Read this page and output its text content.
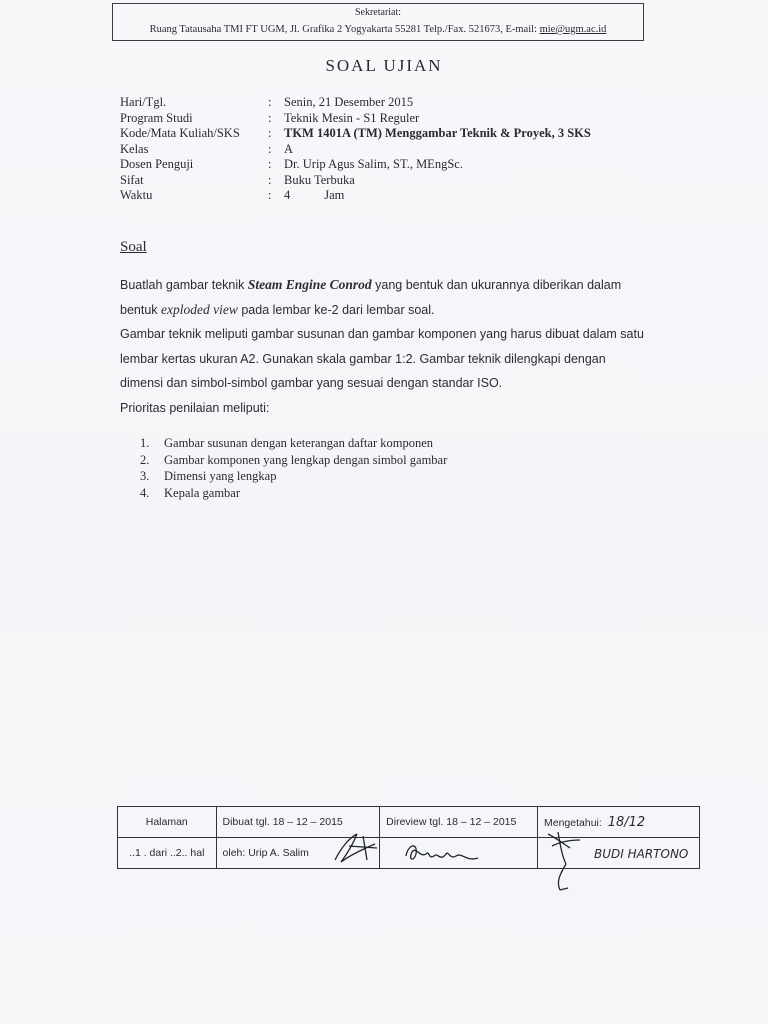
Sekretariat:
Ruang Tatausaha TMI FT UGM, Jl. Grafika 2 Yogyakarta 55281 Telp./Fax. 521673, E-mail: mie@ugm.ac.id
SOAL UJIAN
Hari/Tgl.	:	Senin, 21 Desember 2015
Program Studi	:	Teknik Mesin - S1 Reguler
Kode/Mata Kuliah/SKS	:	TKM 1401A (TM) Menggambar Teknik & Proyek, 3 SKS
Kelas	:	A
Dosen Penguji	:	Dr. Urip Agus Salim, ST., MEngSc.
Sifat	:	Buku Terbuka
Waktu	:	4	Jam
Soal

Buatlah gambar teknik Steam Engine Conrod yang bentuk dan ukurannya diberikan dalam

bentuk exploded view pada lembar ke-2 dari lembar soal.

Gambar teknik meliputi gambar susunan dan gambar komponen yang harus dibuat dalam satu

lembar kertas ukuran A2. Gunakan skala gambar 1:2. Gambar teknik dilengkapi dengan

dimensi dan simbol-simbol gambar yang sesuai dengan standar ISO.

Prioritas penilaian meliputi:

1.	Gambar susunan dengan keterangan daftar komponen
2.	Gambar komponen yang lengkap dengan simbol gambar
3.	Dimensi yang lengkap
4.	Kepala gambar
Halaman	Dibuat tgl. 18 – 12 – 2015	Direview tgl. 18 – 12 – 2015	Mengetahui: 18/12
..1 . dari ..2.. hal	oleh: Urip A. Salim		BUDI HARTONO
